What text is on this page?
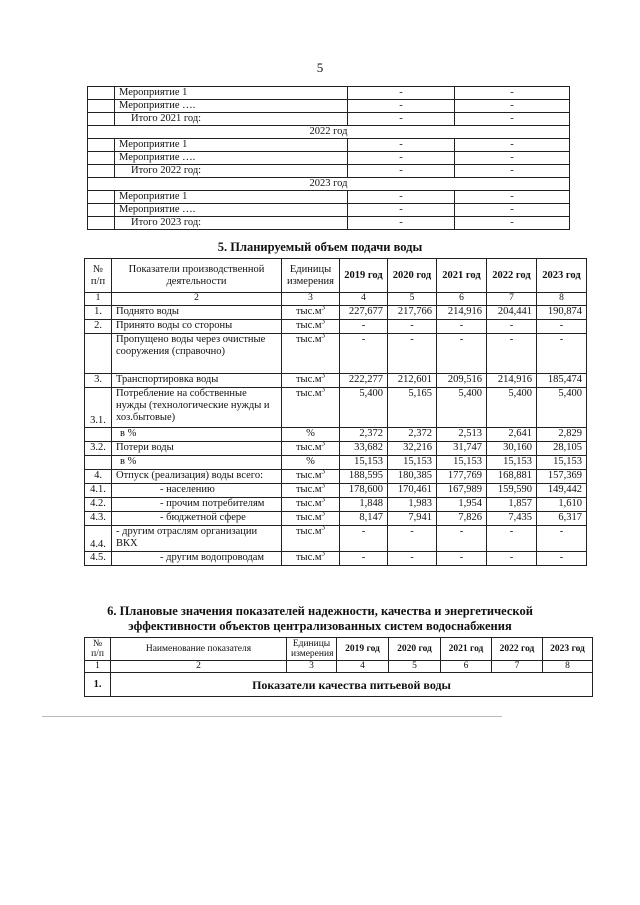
5
	Мероприятие 1	-	-
	Мероприятие ….	-	-
	Итого 2021 год:	-	-
2022 год			
	Мероприятие 1	-	-
	Мероприятие ….	-	-
	Итого 2022 год:	-	-
2023 год			
	Мероприятие 1	-	-
	Мероприятие ….	-	-
	Итого 2023 год:	-	-
5. Планируемый объем подачи воды
№ п/п	Показатели производственной деятельности	Единицы измерения	2019 год	2020 год	2021 год	2022 год	2023 год
1	2	3	4	5	6	7	8
1.	Поднято воды	$тыс.м^3$	227,677	217,766	214,916	204,441	190,874
2.	Принято воды со стороны	$тыс.м^3$	-	-	-	-	-
	Пропущено воды через очистные сооружения (справочно)	$тыс.м^3$	-	-	-	-	-
3.	Транспортировка воды	$тыс.м^3$	222,277	212,601	209,516	214,916	185,474
3.1.	Потребление на собственные нужды (технологические нужды и хоз.бытовые)	$тыс.м^3$	5,400	5,165	5,400	5,400	5,400
	в %	%	2,372	2,372	2,513	2,641	2,829
3.2.	Потери воды	$тыс.м^3$	33,682	32,216	31,747	30,160	28,105
	в %	%	15,153	15,153	15,153	15,153	15,153
4.	Отпуск (реализация) воды всего:	$тыс.м^3$	188,595	180,385	177,769	168,881	157,369
4.1.	- населению	$тыс.м^3$	178,600	170,461	167,989	159,590	149,442
4.2.	- прочим потребителям	$тыс.м^3$	1,848	1,983	1,954	1,857	1,610
4.3.	- бюджетной сфере	$тыс.м^3$	8,147	7,941	7,826	7,435	6,317
4.4.	- другим отраслям организации ВКХ	$тыс.м^3$	-	-	-	-	-
4.5.	- другим водопроводам	$тыс.м^3$	-	-	-	-	-
6. Плановые значения показателей надежности, качества и энергетической
эффективности объектов централизованных систем водоснабжения
№ п/п	Наименование показателя	Единицы измерения	2019 год	2020 год	2021 год	2022 год	2023 год
1	2	3	4	5	6	7	8
1.	Показатели качества питьевой воды						
